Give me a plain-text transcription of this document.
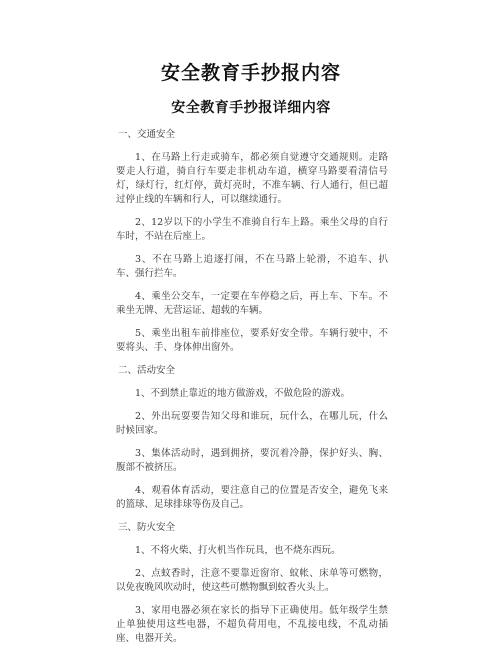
安全教育手抄报内容
安全教育手抄报详细内容
一、交通安全

1、在马路上行走或骑车，都必须自觉遵守交通规则。走路要走人行道，骑自行车要走非机动车道，横穿马路要看清信号灯，绿灯行，红灯停，黄灯亮时，不准车辆、行人通行，但已超过停止线的车辆和行人，可以继续通行。

2、12岁以下的小学生不准骑自行车上路。乘坐父母的自行车时，不站在后座上。

3、不在马路上追逐打闹，不在马路上轮滑，不追车、扒车、强行拦车。

4、乘坐公交车，一定要在车停稳之后，再上车、下车。不乘坐无牌、无营运证、超载的车辆。

5、乘坐出租车前排座位，要系好安全带。车辆行驶中，不要将头、手、身体伸出窗外。

二、活动安全

1、不到禁止靠近的地方做游戏，不做危险的游戏。

2、外出玩耍要告知父母和谁玩，玩什么，在哪儿玩，什么时候回家。

3、集体活动时，遇到拥挤，要沉着冷静，保护好头、胸、腹部不被挤压。

4、观看体育活动，要注意自己的位置是否安全，避免飞来的篮球、足球排球等伤及自己。

三、防火安全

1、不将火柴、打火机当作玩具，也不烧东西玩。

2、点蚊香时，注意不要靠近窗帘、蚊帐、床单等可燃物，以免夜晚风吹动时，使这些可燃物飘到蚊香火头上。

3、家用电器必须在家长的指导下正确使用。低年级学生禁止单独使用这些电器，不超负荷用电，不乱接电线，不乱动插座、电器开关。
